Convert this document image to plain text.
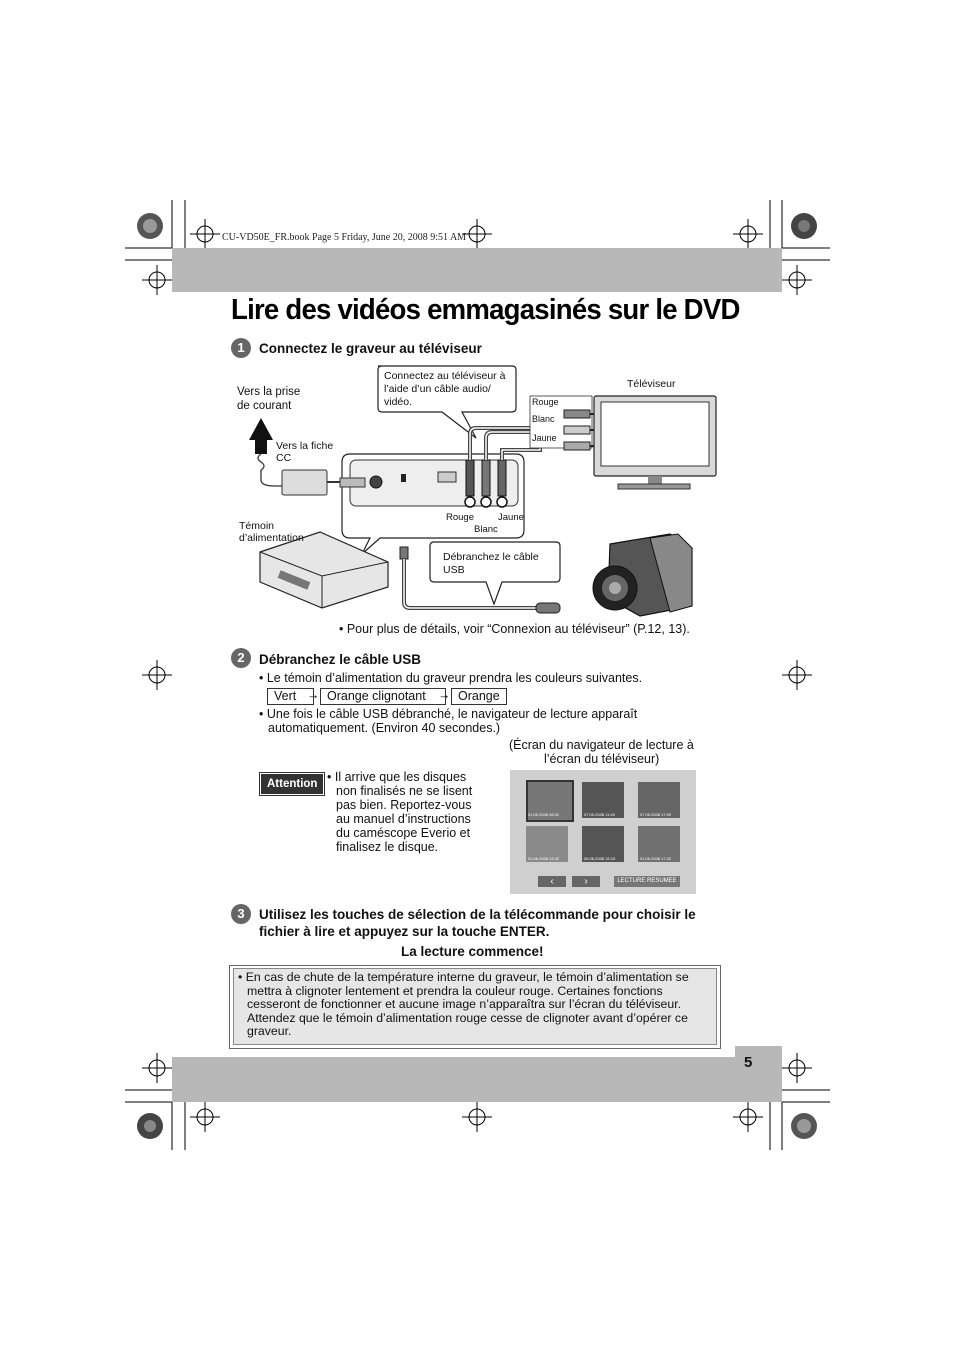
CU-VD50E_FR.book Page 5 Friday, June 20, 2008 9:51 AM
5
Lire des vidéos emmagasinés sur le DVD
1	Connectez le graveur au téléviseur
Connectez au téléviseur à l’aide d’un câble audio/ vidéo.
Téléviseur
Vers la prise
de courant
Vers la fiche
CC
Rouge
Blanc
Jaune
Rouge
Blanc
Jaune
Témoin
d’alimentation
Débranchez le câble
USB
• Pour plus de détails, voir “Connexion au téléviseur” (P.12, 13).
2	Débranchez le câble USB
• Le témoin d’alimentation du graveur prendra les couleurs suivantes.
Vert → Orange clignotant → Orange
• Une fois le câble USB débranché, le navigateur de lecture apparaît
automatiquement. (Environ 40 secondes.)
(Écran du navigateur de lecture à
l’écran du téléviseur)
Attention • Il arrive que les disques
non finalisés ne se lisent
pas bien. Reportez-vous
au manuel d’instructions
du caméscope Everio et
finalisez le disque.
01.05.2008 08:31	07.05.2008 11:45	07.05.2008 17:09
01.06.2008 13:42	06.06.2008 15:15	01.06.2008 17:22
‹	›	LECTURE RESUMEE
3	Utilisez les touches de sélection de la télécommande pour choisir le
fichier à lire et appuyez sur la touche ENTER.
La lecture commence!
• En cas de chute de la température interne du graveur, le témoin d’alimentation se
mettra à clignoter lentement et prendra la couleur rouge. Certaines fonctions
cesseront de fonctionner et aucune image n’apparaîtra sur l’écran du téléviseur.
Attendez que le témoin d’alimentation rouge cesse de clignoter avant d’opérer ce
graveur.
